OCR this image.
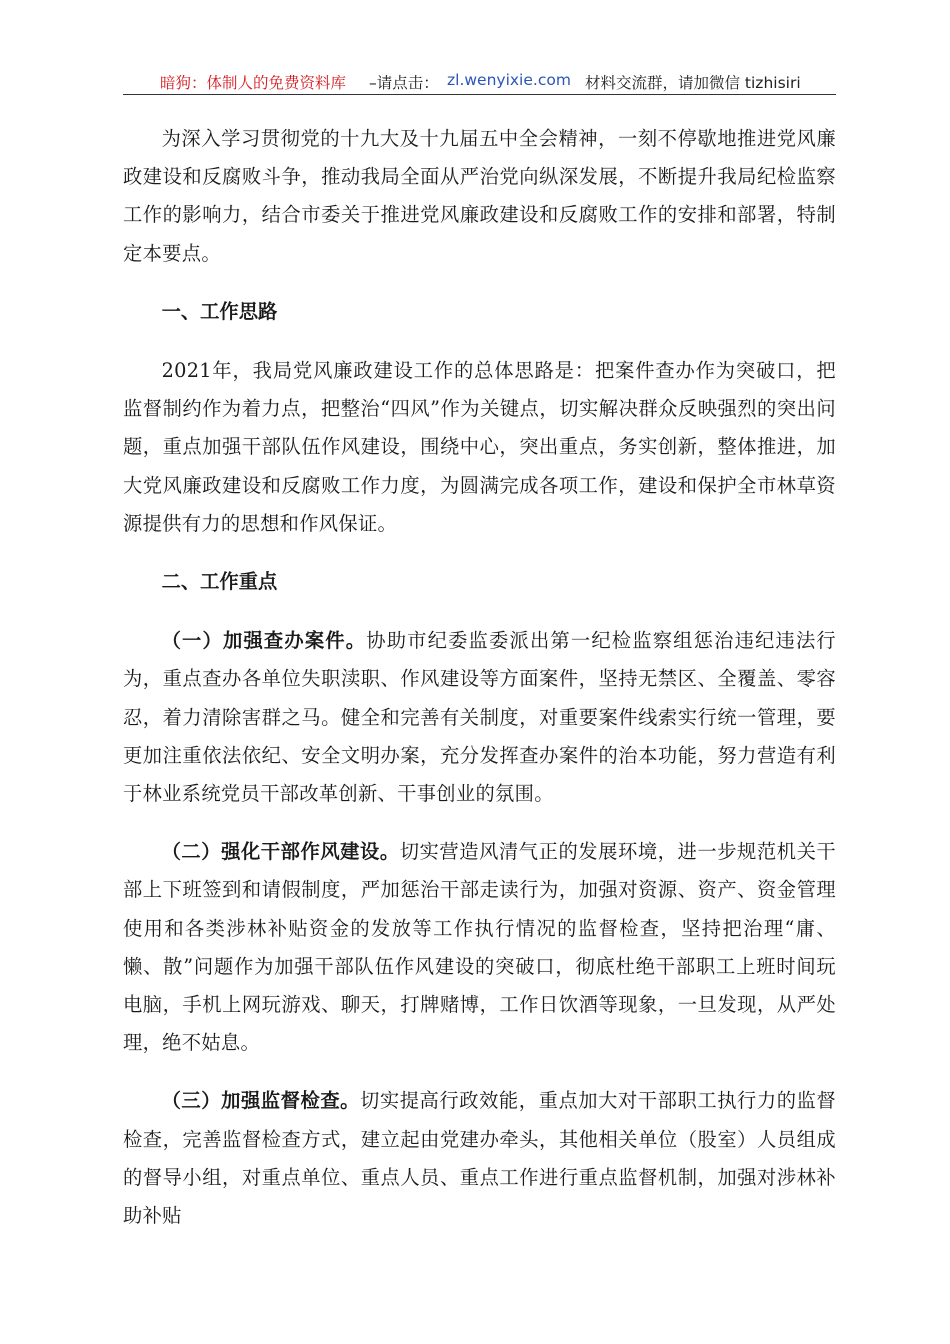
暗狗：体制人的免费资料库 –请点击： zl.wenyixie.com 材料交流群，请加微信 tizhisiri

为深入学习贯彻党的十九大及十九届五中全会精神，一刻不停歇地推进党风廉政建设和反腐败斗争，推动我局全面从严治党向纵深发展，不断提升我局纪检监察工作的影响力，结合市委关于推进党风廉政建设和反腐败工作的安排和部署，特制定本要点。

一、工作思路

2021年，我局党风廉政建设工作的总体思路是：把案件查办作为突破口，把监督制约作为着力点，把整治“四风”作为关键点，切实解决群众反映强烈的突出问题，重点加强干部队伍作风建设，围绕中心，突出重点，务实创新，整体推进，加大党风廉政建设和反腐败工作力度，为圆满完成各项工作，建设和保护全市林草资源提供有力的思想和作风保证。

二、工作重点

（一）加强查办案件。协助市纪委监委派出第一纪检监察组惩治违纪违法行为，重点查办各单位失职渎职、作风建设等方面案件，坚持无禁区、全覆盖、零容忍，着力清除害群之马。健全和完善有关制度，对重要案件线索实行统一管理，要更加注重依法依纪、安全文明办案，充分发挥查办案件的治本功能，努力营造有利于林业系统党员干部改革创新、干事创业的氛围。

（二）强化干部作风建设。切实营造风清气正的发展环境，进一步规范机关干部上下班签到和请假制度，严加惩治干部走读行为，加强对资源、资产、资金管理使用和各类涉林补贴资金的发放等工作执行情况的监督检查，坚持把治理“庸、懒、散”问题作为加强干部队伍作风建设的突破口，彻底杜绝干部职工上班时间玩电脑，手机上网玩游戏、聊天，打牌赌博，工作日饮酒等现象，一旦发现，从严处理，绝不姑息。

（三）加强监督检查。切实提高行政效能，重点加大对干部职工执行力的监督检查，完善监督检查方式，建立起由党建办牵头，其他相关单位（股室）人员组成的督导小组，对重点单位、重点人员、重点工作进行重点监督机制，加强对涉林补助补贴
